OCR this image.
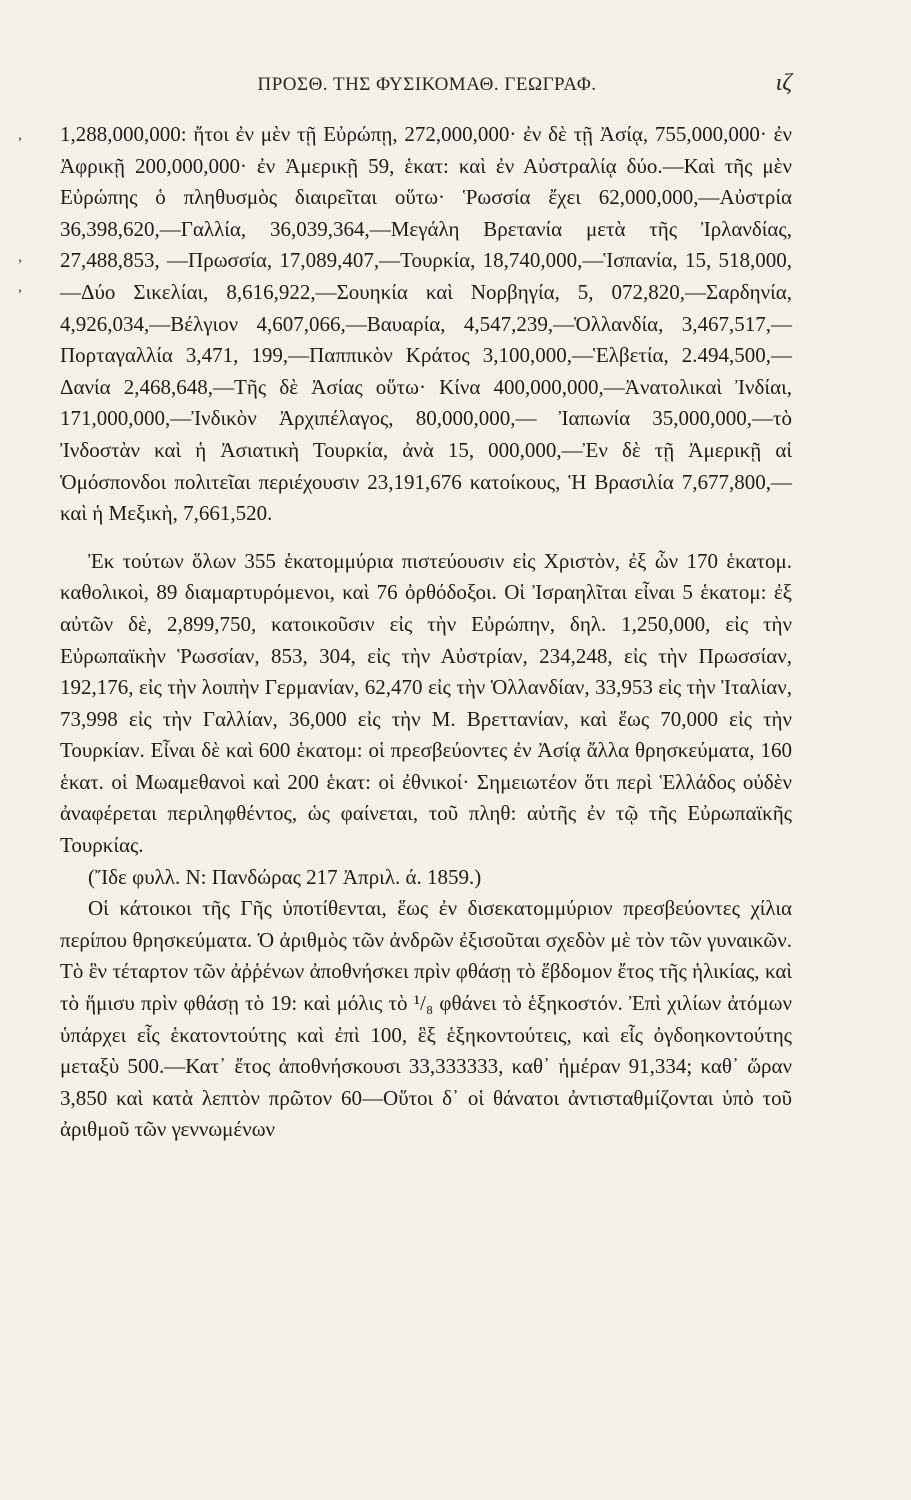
ΠΡΟΣΘ. ΤΗΣ ΦΥΣΙΚΟΜΑΘ. ΓΕΩΓΡΑΦ.	ιζ
,
,
,

1,288,000,000: ἤτοι ἐν μὲν τῇ Εὐρώπῃ, 272,000,000· ἐν δὲ τῇ Ἀσίᾳ, 755,000,000· ἐν Ἀφρικῇ 200,000,000· ἐν Ἀμερικῇ 59, ἑκατ: καὶ ἐν Αὐστραλίᾳ δύο.—Καὶ τῆς μὲν Εὐρώπης ὁ πληθυσμὸς διαιρεῖται οὕτω· Ῥωσσία ἔχει 62,000,000,—Αὐστρία 36,398,620,—Γαλλία, 36,039,364,—Μεγάλη Βρετανία μετὰ τῆς Ἰρλανδίας, 27,488,853, —Πρωσσία, 17,089,407,—Τουρκία, 18,740,000,—Ἱσπανία, 15, 518,000,—Δύο Σικελίαι, 8,616,922,—Σουηκία καὶ Νορβηγία, 5, 072,820,—Σαρδηνία, 4,926,034,—Βέλγιον 4,607,066,—Βαυαρία, 4,547,239,—Ὁλλανδία, 3,467,517,—Πορταγαλλία 3,471, 199,—Παππικὸν Κράτος 3,100,000,—Ἑλβετία, 2.494,500,—Δανία 2,468,648,—Τῆς δὲ Ἀσίας οὕτω· Κίνα 400,000,000,—Ἀνατολικαὶ Ἰνδίαι, 171,000,000,—Ἰνδικὸν Ἀρχιπέλαγος, 80,000,000,— Ἰαπωνία 35,000,000,—τὸ Ἰνδοστὰν καὶ ἡ Ἀσιατικὴ Τουρκία, ἀνὰ 15, 000,000,—Ἐν δὲ τῇ Ἀμερικῇ αἱ Ὁμόσπονδοι πολιτεῖαι περιέχουσιν 23,191,676 κατοίκους, Ἡ Βρασιλία 7,677,800,—καὶ ἡ Μεξικὴ, 7,661,520.

Ἐκ τούτων ὅλων 355 ἑκατομμύρια πιστεύουσιν εἰς Χριστὸν, ἐξ ὧν 170 ἑκατομ. καθολικοὶ, 89 διαμαρτυρόμενοι, καὶ 76 ὀρθόδοξοι. Οἱ Ἰσραηλῖται εἶναι 5 ἑκατομ: ἐξ αὐτῶν δὲ, 2,899,750, κατοικοῦσιν εἰς τὴν Εὐρώπην, δηλ. 1,250,000, εἰς τὴν Εὐρωπαϊκὴν Ῥωσσίαν, 853, 304, εἰς τὴν Αὐστρίαν, 234,248, εἰς τὴν Πρωσσίαν, 192,176, εἰς τὴν λοιπὴν Γερμανίαν, 62,470 εἰς τὴν Ὁλλανδίαν, 33,953 εἰς τὴν Ἰταλίαν, 73,998 εἰς τὴν Γαλλίαν, 36,000 εἰς τὴν Μ. Βρεττανίαν, καὶ ἕως 70,000 εἰς τὴν Τουρκίαν. Εἶναι δὲ καὶ 600 ἑκατομ: οἱ πρεσβεύοντες ἐν Ἀσίᾳ ἄλλα θρησκεύματα, 160 ἑκατ. οἱ Μωαμεθανοὶ καὶ 200 ἑκατ: οἱ ἐθνικοί· Σημειωτέον ὅτι περὶ Ἑλλάδος οὐδὲν ἀναφέρεται περιληφθέντος, ὡς φαίνεται, τοῦ πληθ: αὐτῆς ἐν τῷ τῆς Εὐρωπαϊκῆς Τουρκίας.

(Ἴδε φυλλ. Ν: Πανδώρας 217 Ἀπριλ. ά. 1859.)

Οἱ κάτοικοι τῆς Γῆς ὑποτίθενται, ἕως ἐν δισεκατομμύριον πρεσβεύοντες χίλια περίπου θρησκεύματα. Ὁ ἀριθμὸς τῶν ἀνδρῶν ἐξισοῦται σχεδὸν μὲ τὸν τῶν γυναικῶν. Τὸ ἓν τέταρτον τῶν ἀῤῥένων ἀποθνήσκει πρὶν φθάσῃ τὸ ἕβδομον ἔτος τῆς ἡλικίας, καὶ τὸ ἥμισυ πρὶν φθάσῃ τὸ 19: καὶ μόλις τὸ ¹/₈ φθάνει τὸ ἑξηκοστόν. Ἐπὶ χιλίων ἀτόμων ὑπάρχει εἷς ἑκατοντούτης καὶ ἐπὶ 100, ἓξ ἑξηκοντούτεις, καὶ εἷς ὀγδοηκοντούτης μεταξὺ 500.—Κατ᾽ ἔτος ἀποθνήσκουσι 33,333333, καθ᾽ ἡμέραν 91,334; καθ᾽ ὥραν 3,850 καὶ κατὰ λεπτὸν πρῶτον 60—Οὕτοι δ᾽ οἱ θάνατοι ἀντισταθμίζονται ὑπὸ τοῦ ἀριθμοῦ τῶν γεννωμένων
